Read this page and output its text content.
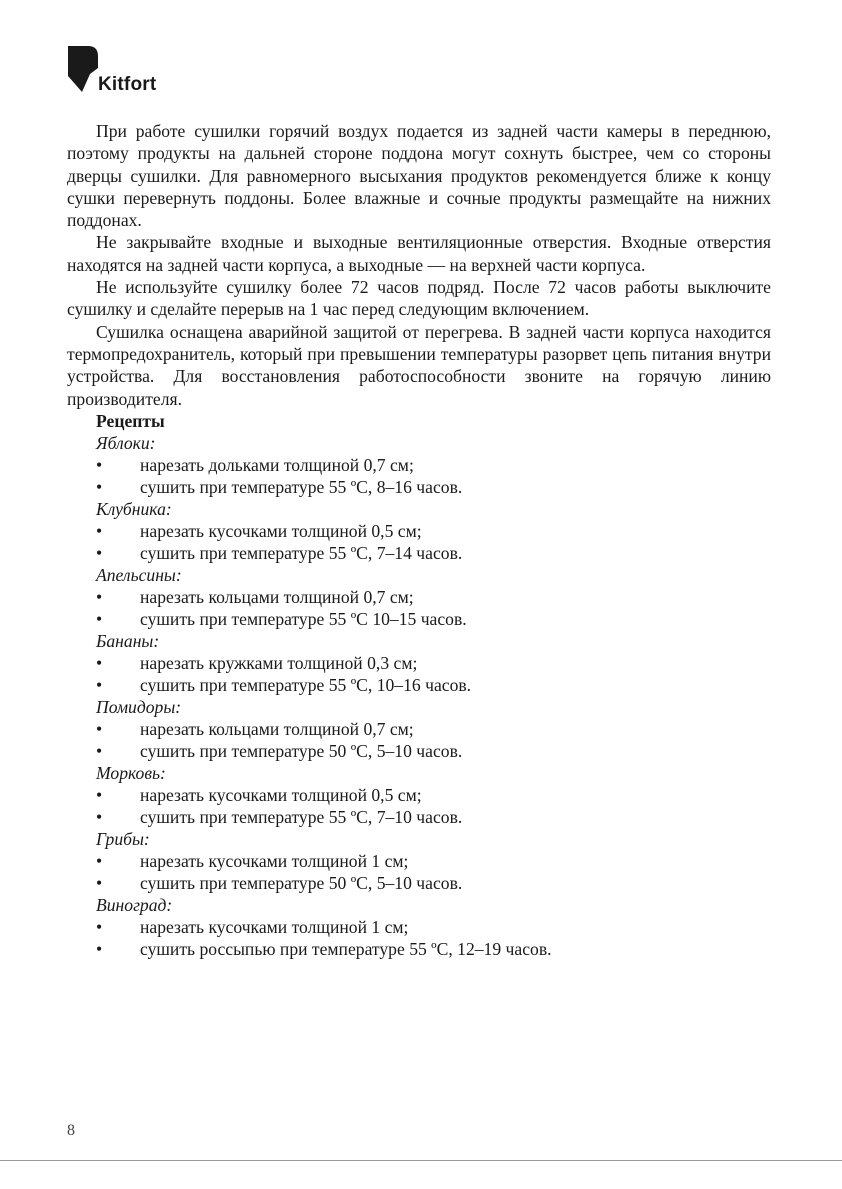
Kitfort

При работе сушилки горячий воздух подается из задней части камеры в переднюю, поэтому продукты на дальней стороне поддона могут сохнуть быстрее, чем со стороны дверцы сушилки. Для равномерного высыхания продуктов рекомендуется ближе к концу сушки перевернуть поддоны. Более влажные и сочные продукты размещайте на нижних поддонах.

Не закрывайте входные и выходные вентиляционные отверстия. Входные отверстия находятся на задней части корпуса, а выходные — на верхней части корпуса.

Не используйте сушилку более 72 часов подряд. После 72 часов работы выключите сушилку и сделайте перерыв на 1 час перед следующим включением.

Сушилка оснащена аварийной защитой от перегрева. В задней части корпуса находится термопредохранитель, который при превышении температуры разорвет цепь питания внутри устройства. Для восстановления работоспособности звоните на горячую линию производителя.

Рецепты

Яблоки:

• нарезать дольками толщиной 0,7 см;
• сушить при температуре 55 ºС, 8–16 часов.

Клубника:

• нарезать кусочками толщиной 0,5 см;
• сушить при температуре 55 ºС, 7–14 часов.

Апельсины:

• нарезать кольцами толщиной 0,7 см;
• сушить при температуре 55 ºС 10–15 часов.

Бананы:

• нарезать кружками толщиной 0,3 см;
• сушить при температуре 55 ºС, 10–16 часов.

Помидоры:

• нарезать кольцами толщиной 0,7 см;
• сушить при температуре 50 ºС, 5–10 часов.

Морковь:

• нарезать кусочками толщиной 0,5 см;
• сушить при температуре 55 ºС, 7–10 часов.

Грибы:

• нарезать кусочками толщиной 1 см;
• сушить при температуре 50 ºС, 5–10 часов.

Виноград:

• нарезать кусочками толщиной 1 см;
• сушить россыпью при температуре 55 ºС, 12–19 часов.
8
